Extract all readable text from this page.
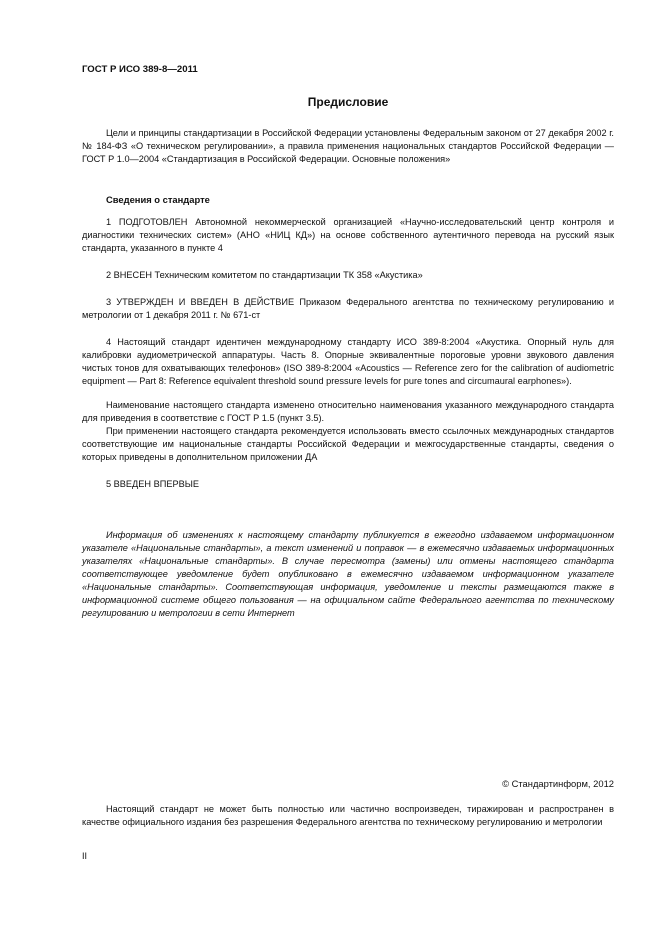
ГОСТ Р ИСО 389-8—2011

Предисловие

Цели и принципы стандартизации в Российской Федерации установлены Федеральным законом от 27 декабря 2002 г. № 184-ФЗ «О техническом регулировании», а правила применения национальных стандартов Российской Федерации — ГОСТ Р 1.0—2004 «Стандартизация в Российской Федерации. Основные положения»

Сведения о стандарте

1 ПОДГОТОВЛЕН Автономной некоммерческой организацией «Научно-исследовательский центр контроля и диагностики технических систем» (АНО «НИЦ КД») на основе собственного аутентичного перевода на русский язык стандарта, указанного в пункте 4

2 ВНЕСЕН Техническим комитетом по стандартизации ТК 358 «Акустика»

3 УТВЕРЖДЕН И ВВЕДЕН В ДЕЙСТВИЕ Приказом Федерального агентства по техническому регулированию и метрологии от 1 декабря 2011 г. № 671-ст

4 Настоящий стандарт идентичен международному стандарту ИСО 389-8:2004 «Акустика. Опорный нуль для калибровки аудиометрической аппаратуры. Часть 8. Опорные эквивалентные пороговые уровни звукового давления чистых тонов для охватывающих телефонов» (ISO 389-8:2004 «Acoustics — Reference zero for the calibration of audiometric equipment — Part 8: Reference equivalent threshold sound pressure levels for pure tones and circumaural earphones»).

Наименование настоящего стандарта изменено относительно наименования указанного международного стандарта для приведения в соответствие с ГОСТ Р 1.5 (пункт 3.5).

При применении настоящего стандарта рекомендуется использовать вместо ссылочных международных стандартов соответствующие им национальные стандарты Российской Федерации и межгосударственные стандарты, сведения о которых приведены в дополнительном приложении ДА

5 ВВЕДЕН ВПЕРВЫЕ

Информация об изменениях к настоящему стандарту публикуется в ежегодно издаваемом информационном указателе «Национальные стандарты», а текст изменений и поправок — в ежемесячно издаваемых информационных указателях «Национальные стандарты». В случае пересмотра (замены) или отмены настоящего стандарта соответствующее уведомление будет опубликовано в ежемесячно издаваемом информационном указателе «Национальные стандарты». Соответствующая информация, уведомление и тексты размещаются также в информационной системе общего пользования — на официальном сайте Федерального агентства по техническому регулированию и метрологии в сети Интернет

© Стандартинформ, 2012

Настоящий стандарт не может быть полностью или частично воспроизведен, тиражирован и распространен в качестве официального издания без разрешения Федерального агентства по техническому регулированию и метрологии

II
